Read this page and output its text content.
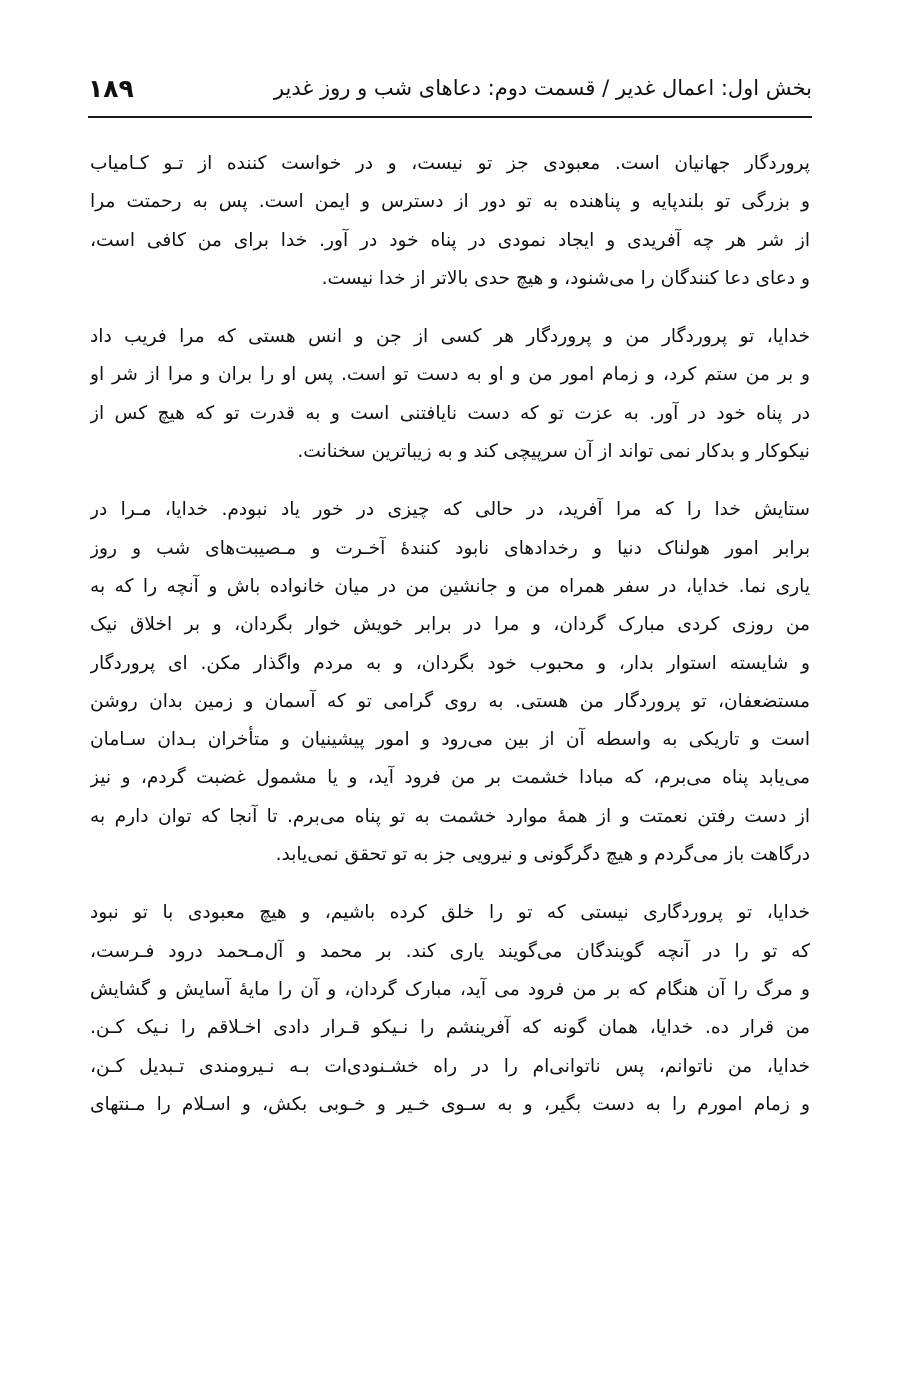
بخش اول: اعمال غدیر / قسمت دوم: دعاهای شب و روز غدیر
۱۸۹
پروردگار جهانیان است. معبودی جز تو نیست، و در خواست کننده از تـو کـامیاب
و بزرگی تو بلندپایه و پناهنده به تو دور از دسترس و ایمن است. پس به رحمتت مرا
از شر هر چه آفریدی و ایجاد نمودی در پناه خود در آور. خدا برای من کافی است،
و دعای دعا کنندگان را می‌شنود، و هیچ حدی بالاتر از خدا نیست.
خدایا، تو پروردگار من و پروردگار هر کسی از جن و انس هستی که مرا فریب داد
و بر من ستم کرد، و زمام امور من و او به دست تو است. پس او را بران و مرا از شر او
در پناه خود در آور. به عزت تو که دست نایافتنی است و به قدرت تو که هیچ کس از
نیکوکار و بدکار نمی تواند از آن سرپیچی کند و به زیباترین سخنانت.
ستایش خدا را که مرا آفرید، در حالی که چیزی در خور یاد نبودم. خدایا، مـرا در
برابر امور هولناک دنیا و رخدادهای نابود کنندۀ آخـرت و مـصیبت‌های شب و روز
یاری نما. خدایا، در سفر همراه من و جانشین من در میان خانواده باش و آنچه را که به
من روزی کردی مبارک گردان، و مرا در برابر خویش خوار بگردان، و بر اخلاق نیک
و شایسته استوار بدار، و محبوب خود بگردان، و به مردم واگذار مکن. ای پروردگار
مستضعفان، تو پروردگار من هستی. به روی گرامی تو که آسمان و زمین بدان روشن
است و تاریکی به واسطه آن از بین می‌رود و امور پیشینیان و متأخران بـدان سـامان
می‌یابد پناه می‌برم، که مبادا خشمت بر من فرود آید، و یا مشمول غضبت گردم، و نیز
از دست رفتن نعمتت و از همۀ موارد خشمت به تو پناه می‌برم. تا آنجا که توان دارم به
درگاهت باز می‌گردم و هیچ دگرگونی و نیرویی جز به تو تحقق نمی‌یابد.
خدایا، تو پروردگاری نیستی که تو را خلق کرده باشیم، و هیچ معبودی با تو نبود
که تو را در آنچه گویندگان می‌گویند یاری کند. بر محمد و آل‌مـحمد درود فـرست،
و مرگ را آن هنگام که بر من فرود می آید، مبارک گردان، و آن را مایۀ آسایش و گشایش
من قرار ده. خدایا، همان گونه که آفرینشم را نـیکو قـرار دادی اخـلاقم را نـیک کـن.
خدایا، من ناتوانم، پس ناتوانی‌ام را در راه خشـنودی‌ات بـه نـیرومندی تـبدیل کـن،
و زمام امورم را به دست بگیر، و به سـوی خـیر و خـوبی بکش، و اسـلام را مـنتهای
